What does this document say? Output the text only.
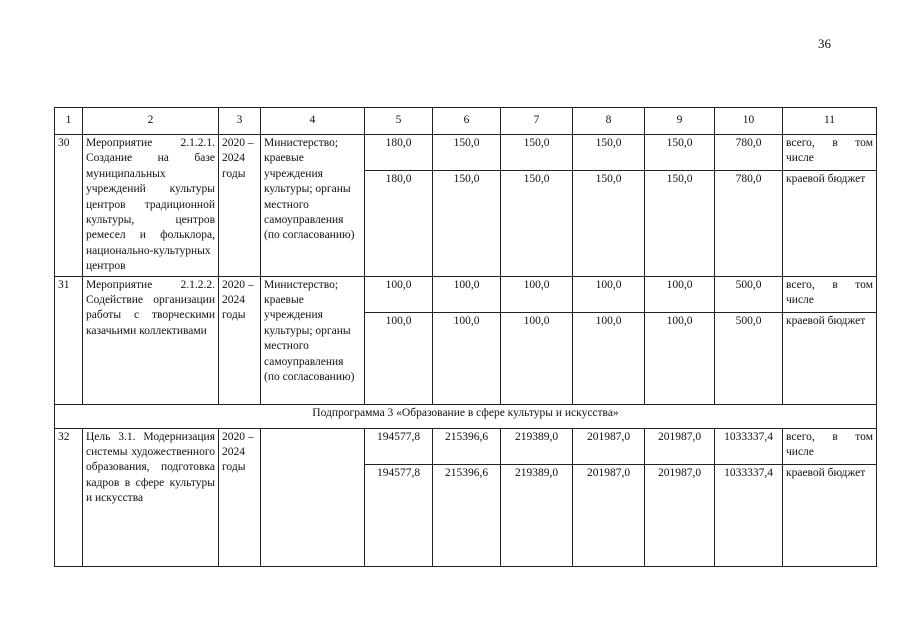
36
1	2	3	4	5	6	7	8	9	10	11
30	Мероприятие 2.1.2.1. Создание на базе муниципальных учреждений культуры центров традиционной культуры, центров ремесел и фольклора, национально-культурных центров	2020 – 2024 годы	Министерство; краевые учреждения культуры; органы местного самоуправления (по согласованию)	180,0	150,0	150,0	150,0	150,0	780,0	всего, в том числе
				180,0	150,0	150,0	150,0	150,0	780,0	краевой бюджет
31	Мероприятие 2.1.2.2. Содействие организации работы с творческими казачьими коллективами	2020 – 2024 годы	Министерство; краевые учреждения культуры; органы местного самоуправления (по согласованию)	100,0	100,0	100,0	100,0	100,0	500,0	всего, в том числе
				100,0	100,0	100,0	100,0	100,0	500,0	краевой бюджет
Подпрограмма 3 «Образование в сфере культуры и искусства»										
32	Цель 3.1. Модернизация системы художественного образования, подготовка кадров в сфере культуры и искусства	2020 – 2024 годы		194577,8	215396,6	219389,0	201987,0	201987,0	1033337,4	всего, в том числе
				194577,8	215396,6	219389,0	201987,0	201987,0	1033337,4	краевой бюджет
